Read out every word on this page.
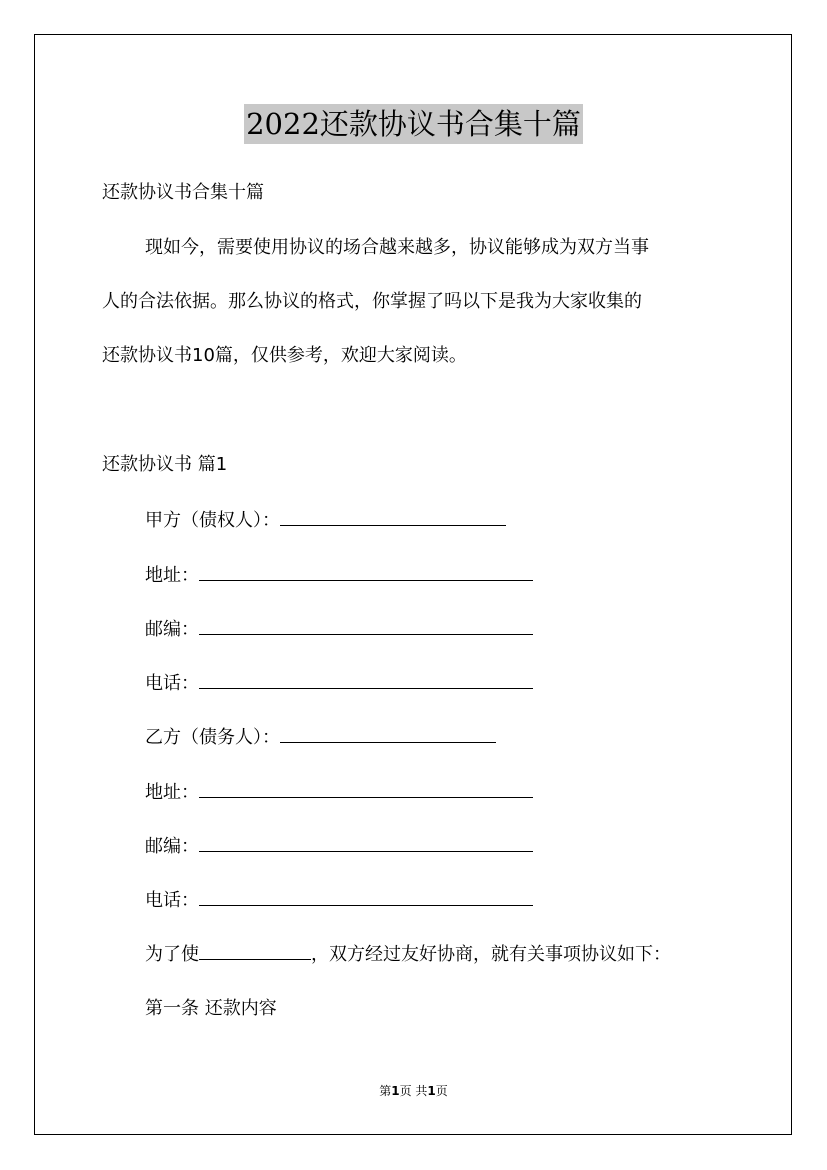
2022还款协议书合集十篇
还款协议书合集十篇
现如今，需要使用协议的场合越来越多，协议能够成为双方当事
人的合法依据。那么协议的格式，你掌握了吗以下是我为大家收集的
还款协议书10篇，仅供参考，欢迎大家阅读。
还款协议书 篇1
甲方（债权人）：
地址：
邮编：
电话：
乙方（债务人）：
地址：
邮编：
电话：
为了使	，双方经过友好协商，就有关事项协议如下：
第一条 还款内容
第1页 共1页
